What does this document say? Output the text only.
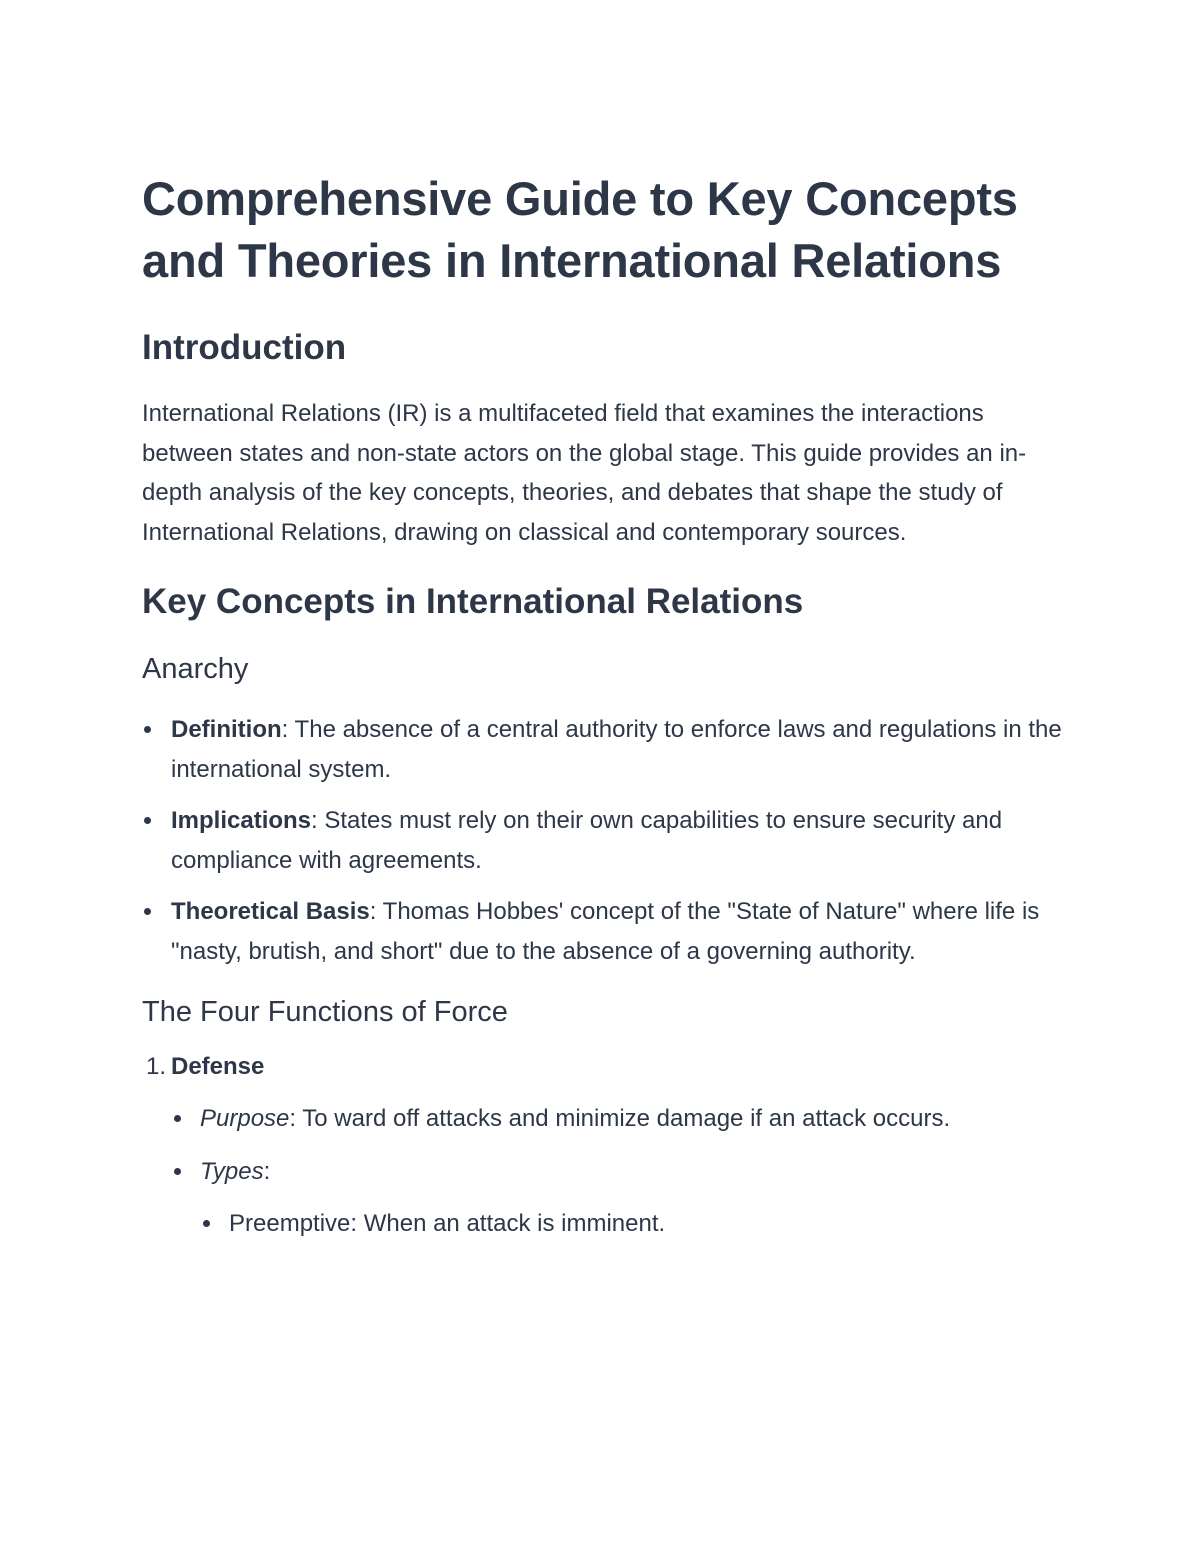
Comprehensive Guide to Key Concepts and Theories in International Relations
Introduction

International Relations (IR) is a multifaceted field that examines the interactions between states and non-state actors on the global stage. This guide provides an in-depth analysis of the key concepts, theories, and debates that shape the study of International Relations, drawing on classical and contemporary sources.

Key Concepts in International Relations
Anarchy
Definition: The absence of a central authority to enforce laws and regulations in the international system.
Implications: States must rely on their own capabilities to ensure security and compliance with agreements.
Theoretical Basis: Thomas Hobbes' concept of the "State of Nature" where life is "nasty, brutish, and short" due to the absence of a governing authority.
The Four Functions of Force
1. Defense
Purpose: To ward off attacks and minimize damage if an attack occurs.
Types:
Preemptive: When an attack is imminent.
